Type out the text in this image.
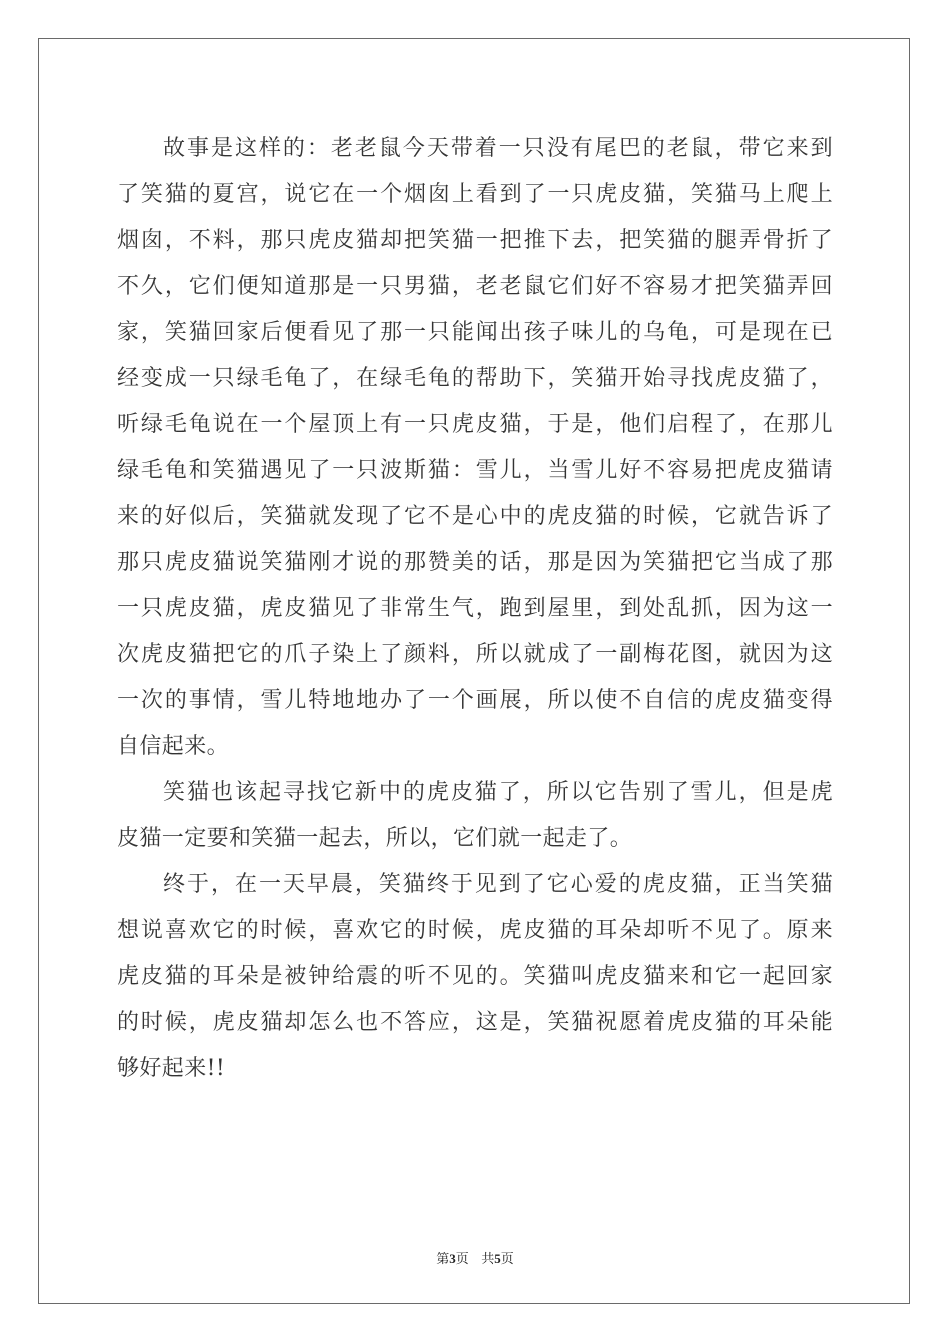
故事是这样的：老老鼠今天带着一只没有尾巴的老鼠，带它来到
了笑猫的夏宫，说它在一个烟囱上看到了一只虎皮猫，笑猫马上爬上
烟囱，不料，那只虎皮猫却把笑猫一把推下去，把笑猫的腿弄骨折了
不久，它们便知道那是一只男猫，老老鼠它们好不容易才把笑猫弄回
家，笑猫回家后便看见了那一只能闻出孩子味儿的乌龟，可是现在已
经变成一只绿毛龟了，在绿毛龟的帮助下，笑猫开始寻找虎皮猫了，
听绿毛龟说在一个屋顶上有一只虎皮猫，于是，他们启程了，在那儿
绿毛龟和笑猫遇见了一只波斯猫：雪儿，当雪儿好不容易把虎皮猫请
来的好似后，笑猫就发现了它不是心中的虎皮猫的时候，它就告诉了
那只虎皮猫说笑猫刚才说的那赞美的话，那是因为笑猫把它当成了那
一只虎皮猫，虎皮猫见了非常生气，跑到屋里，到处乱抓，因为这一
次虎皮猫把它的爪子染上了颜料，所以就成了一副梅花图，就因为这
一次的事情，雪儿特地地办了一个画展，所以使不自信的虎皮猫变得
自信起来。
笑猫也该起寻找它新中的虎皮猫了，所以它告别了雪儿，但是虎
皮猫一定要和笑猫一起去，所以，它们就一起走了。
终于，在一天早晨，笑猫终于见到了它心爱的虎皮猫，正当笑猫
想说喜欢它的时候，喜欢它的时候，虎皮猫的耳朵却听不见了。原来
虎皮猫的耳朵是被钟给震的听不见的。笑猫叫虎皮猫来和它一起回家
的时候，虎皮猫却怎么也不答应，这是，笑猫祝愿着虎皮猫的耳朵能
够好起来!!
第3页 共5页
